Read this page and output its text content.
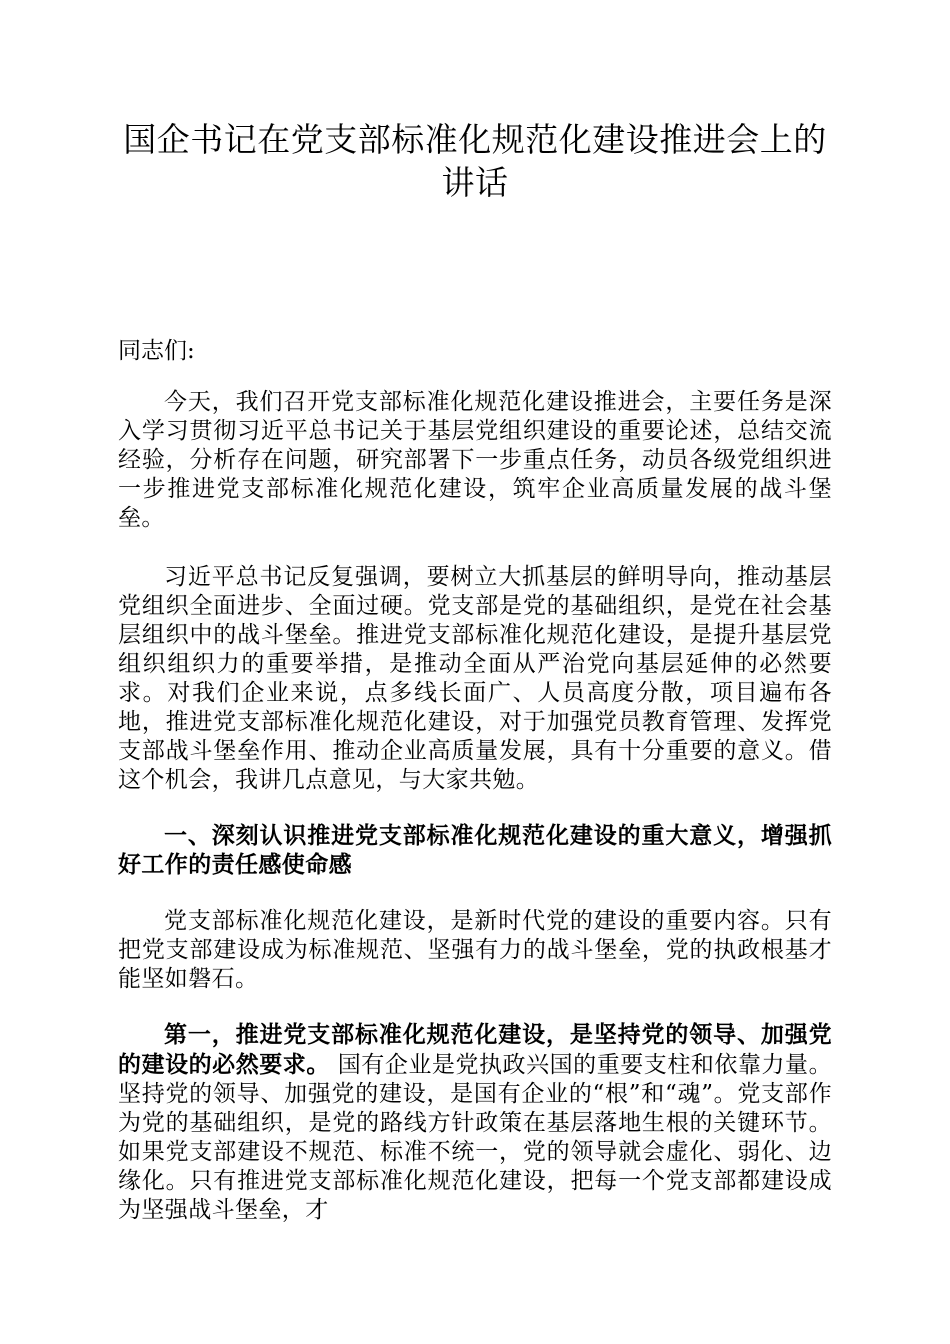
国企书记在党支部标准化规范化建设推进会上的讲话

同志们:

今天，我们召开党支部标准化规范化建设推进会，主要任务是深入学习贯彻习近平总书记关于基层党组织建设的重要论述，总结交流经验，分析存在问题，研究部署下一步重点任务，动员各级党组织进一步推进党支部标准化规范化建设，筑牢企业高质量发展的战斗堡垒。

习近平总书记反复强调，要树立大抓基层的鲜明导向，推动基层党组织全面进步、全面过硬。党支部是党的基础组织，是党在社会基层组织中的战斗堡垒。推进党支部标准化规范化建设，是提升基层党组织组织力的重要举措，是推动全面从严治党向基层延伸的必然要求。对我们企业来说，点多线长面广、人员高度分散，项目遍布各地，推进党支部标准化规范化建设，对于加强党员教育管理、发挥党支部战斗堡垒作用、推动企业高质量发展，具有十分重要的意义。借这个机会，我讲几点意见，与大家共勉。

一、深刻认识推进党支部标准化规范化建设的重大意义，增强抓好工作的责任感使命感

党支部标准化规范化建设，是新时代党的建设的重要内容。只有把党支部建设成为标准规范、坚强有力的战斗堡垒，党的执政根基才能坚如磐石。

第一，推进党支部标准化规范化建设，是坚持党的领导、加强党的建设的必然要求。 国有企业是党执政兴国的重要支柱和依靠力量。坚持党的领导、加强党的建设，是国有企业的“根”和“魂”。党支部作为党的基础组织，是党的路线方针政策在基层落地生根的关键环节。如果党支部建设不规范、标准不统一，党的领导就会虚化、弱化、边缘化。只有推进党支部标准化规范化建设，把每一个党支部都建设成为坚强战斗堡垒，才
